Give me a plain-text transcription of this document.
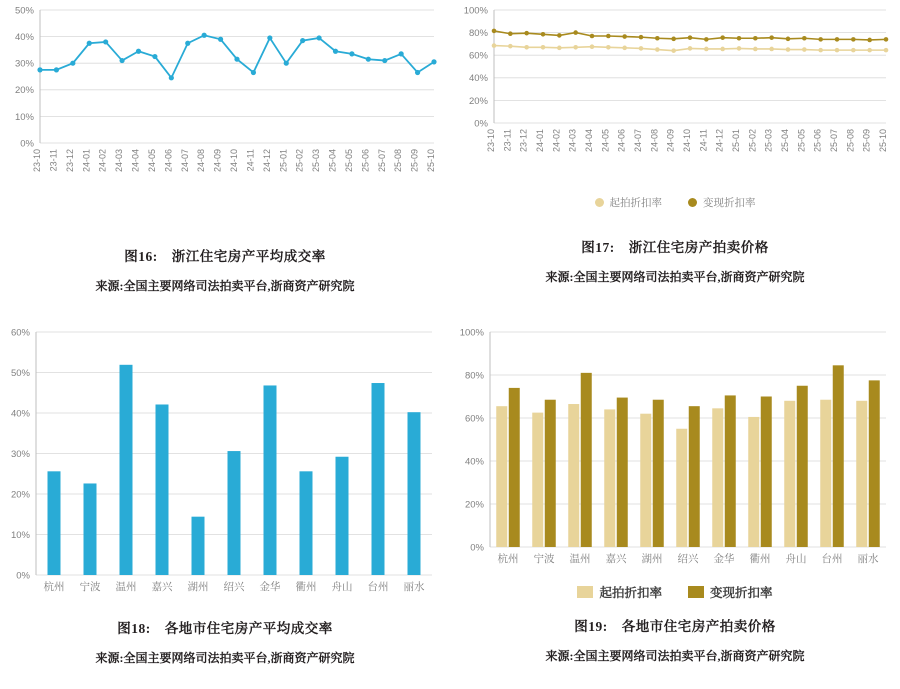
0%
10%
20%
30%
40%
50%
23-10 23-11 23-12 24-01 24-02 24-03 24-04 24-05 24-06 24-07 24-08 24-09 24-10 24-11 24-12 25-01 25-02 25-03 25-04 25-05 25-06 25-07 25-08 25-09 25-10
图16: 浙江住宅房产平均成交率
来源:全国主要网络司法拍卖平台,浙商资产研究院
0%
20%
40%
60%
80%
100%
23-10 23-11 23-12 24-01 24-02 24-03 24-04 24-05 24-06 24-07 24-08 24-09 24-10 24-11 24-12 25-01 25-02 25-03 25-04 25-05 25-06 25-07 25-08 25-09 25-10
起拍折扣率	变现折扣率
图17: 浙江住宅房产拍卖价格
来源:全国主要网络司法拍卖平台,浙商资产研究院
0%
10%
20%
30%
40%
50%
60%
杭州 宁波 温州 嘉兴 湖州 绍兴 金华 衢州 舟山 台州 丽水
图18: 各地市住宅房产平均成交率
来源:全国主要网络司法拍卖平台,浙商资产研究院
0%
20%
40%
60%
80%
100%
杭州 宁波 温州 嘉兴 湖州 绍兴 金华 衢州 舟山 台州 丽水
起拍折扣率	变现折扣率
图19: 各地市住宅房产拍卖价格
来源:全国主要网络司法拍卖平台,浙商资产研究院
